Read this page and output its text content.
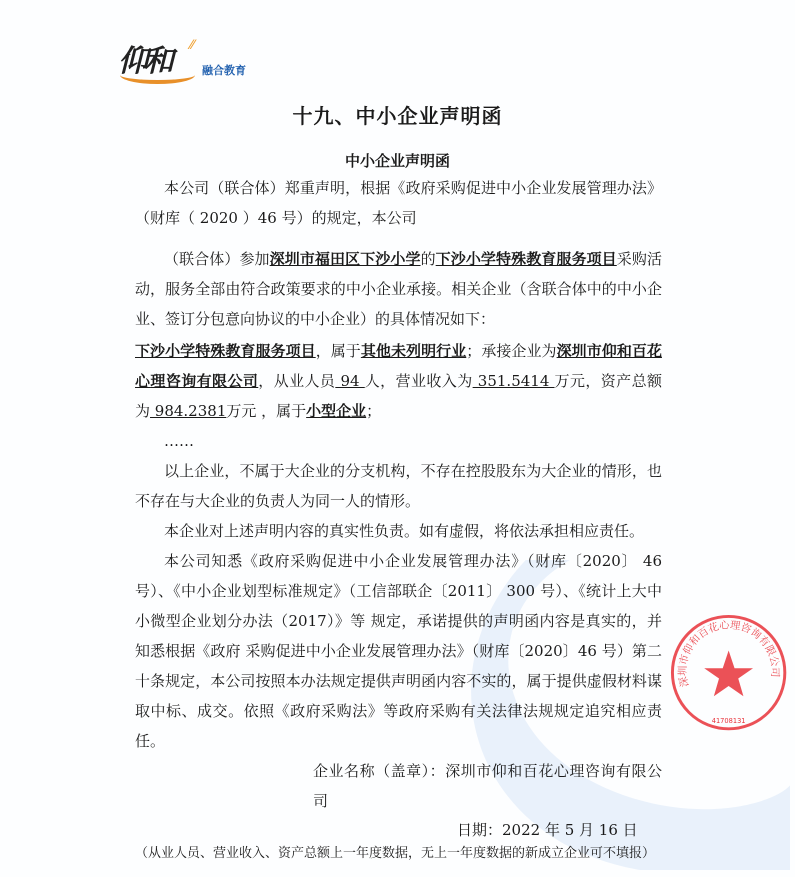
仰和 ⁄⁄
融合教育
十九、中小企业声明函
中小企业声明函
深圳市仰和百花心理咨询有限公司
41708131

本公司（联合体）郑重声明，根据《政府采购促进中小企业发展管理办法》（财库（ 2020 ）46 号）的规定，本公司

（联合体）参加深圳市福田区下沙小学的下沙小学特殊教育服务项目采购活动，服务全部由符合政策要求的中小企业承接。相关企业（含联合体中的中小企业、签订分包意向协议的中小企业）的具体情况如下：

下沙小学特殊教育服务项目，属于其他未列明行业；承接企业为深圳市仰和百花心理咨询有限公司，从业人员 94 人，营业收入为 351.5414 万元，资产总额为 984.2381万元 ，属于小型企业；

……

以上企业，不属于大企业的分支机构，不存在控股股东为大企业的情形，也不存在与大企业的负责人为同一人的情形。

本企业对上述声明内容的真实性负责。如有虚假，将依法承担相应责任。

本公司知悉《政府采购促进中小企业发展管理办法》（财库〔2020〕 46 号）、《中小企业划型标准规定》（工信部联企〔2011〕 300 号）、《统计上大中小微型企业划分办法（2017）》等 规定，承诺提供的声明函内容是真实的，并知悉根据《政府 采购促进中小企业发展管理办法》（财库〔2020〕46 号）第二十条规定，本公司按照本办法规定提供声明函内容不实的，属于提供虚假材料谋取中标、成交。依照《政府采购法》等政府采购有关法律法规规定追究相应责任。

企业名称（盖章）：深圳市仰和百花心理咨询有限公司

日期：2022 年 5 月 16 日

（从业人员、营业收入、资产总额上一年度数据，无上一年度数据的新成立企业可不填报）
